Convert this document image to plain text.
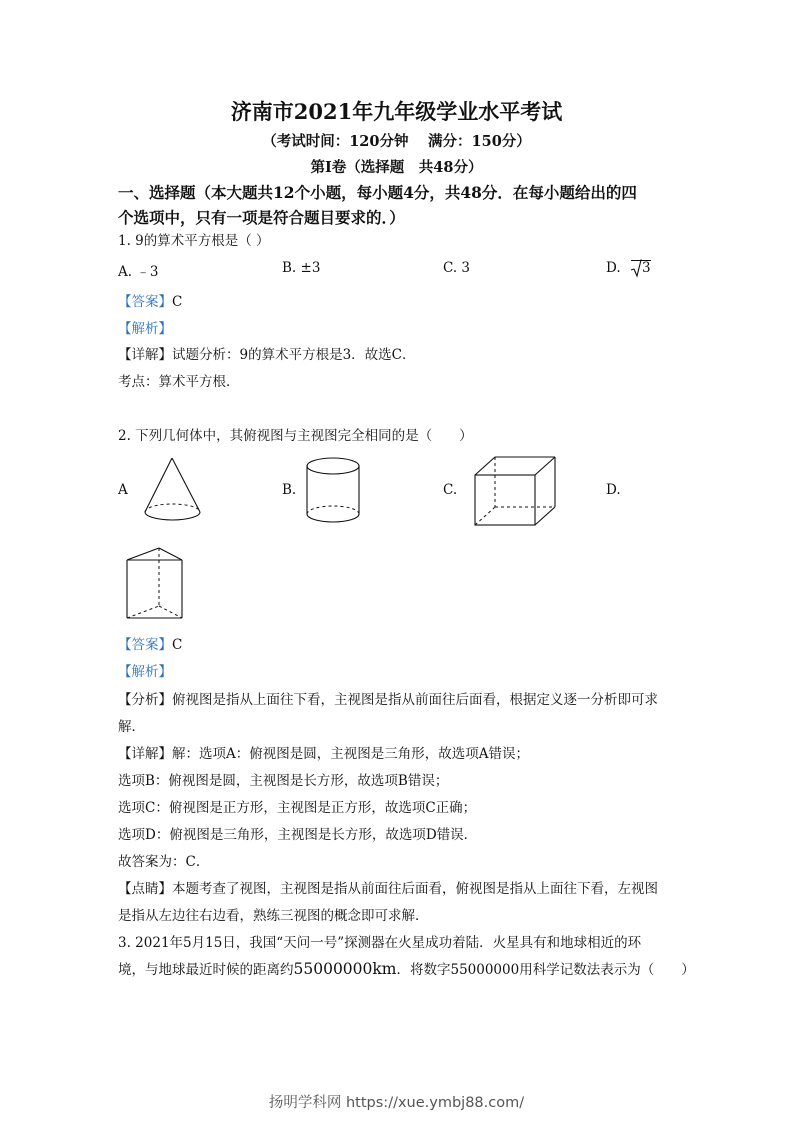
济南市2021年九年级学业水平考试
（考试时间：120分钟　 满分：150分）
第Ⅰ卷（选择题　共48分）
一、选择题（本大题共12个小题，每小题4分，共48分．在每小题给出的四
个选项中，只有一项是符合题目要求的．）
1. 9的算术平方根是（ ）
A. ﹣3	B. ±3	C. 3	D. 3
【答案】C
【解析】
【详解】试题分析：9的算术平方根是3．故选C．
考点：算术平方根．
2. 下列几何体中，其俯视图与主视图完全相同的是（　　）
A	B.	C.	D.
【答案】C
【解析】
【分析】俯视图是指从上面往下看，主视图是指从前面往后面看，根据定义逐一分析即可求
解．
【详解】解：选项A：俯视图是圆，主视图是三角形，故选项A错误；
选项B：俯视图是圆，主视图是长方形，故选项B错误；
选项C：俯视图是正方形，主视图是正方形，故选项C正确；
选项D：俯视图是三角形，主视图是长方形，故选项D错误．
故答案为：C．
【点睛】本题考查了视图，主视图是指从前面往后面看，俯视图是指从上面往下看，左视图
是指从左边往右边看，熟练三视图的概念即可求解．
3. 2021年5月15日，我国“天问一号”探测器在火星成功着陆．火星具有和地球相近的环
境，与地球最近时候的距离约55000000km．将数字55000000用科学记数法表示为（　　）
扬明学科网 https://xue.ymbj88.com/
